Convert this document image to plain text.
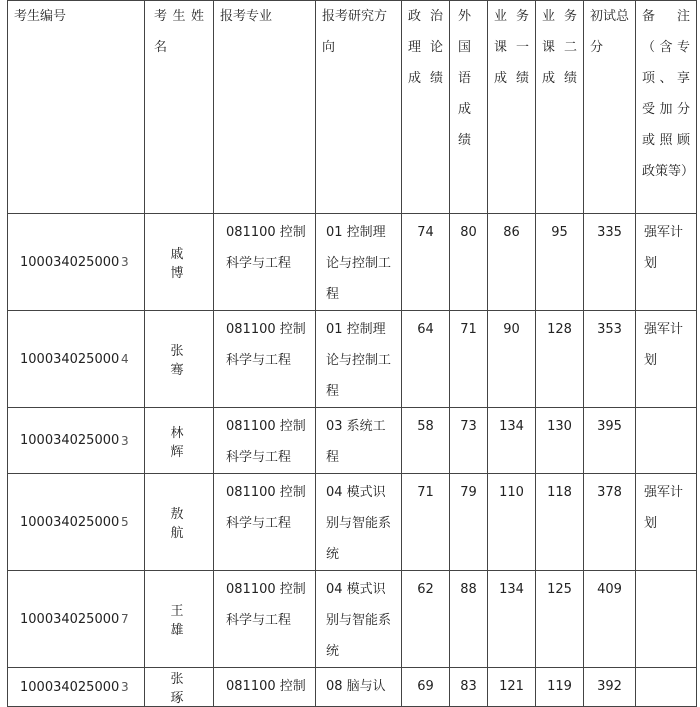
考生编号	考生姓名	报考专业	报考研究方向	政治理论成绩	外国语成绩	业务课一成绩	业务课二成绩	初试总分	备注（含专项、享受加分或照顾政策等）
100034025000 3	戚 博	081100 控制科学与工程	01 控制理论与控制工程	74	80	86	95	335	强军计划
100034025000 4	张 骞	081100 控制科学与工程	01 控制理论与控制工程	64	71	90	128	353	强军计划
100034025000 3	林 辉	081100 控制科学与工程	03 系统工程	58	73	134	130	395	
100034025000 5	敖 航	081100 控制科学与工程	04 模式识别与智能系统	71	79	110	118	378	强军计划
100034025000 7	王 雄	081100 控制科学与工程	04 模式识别与智能系统	62	88	134	125	409	
100034025000 3	张 琢	081100 控制	08 脑与认	69	83	121	119	392	
